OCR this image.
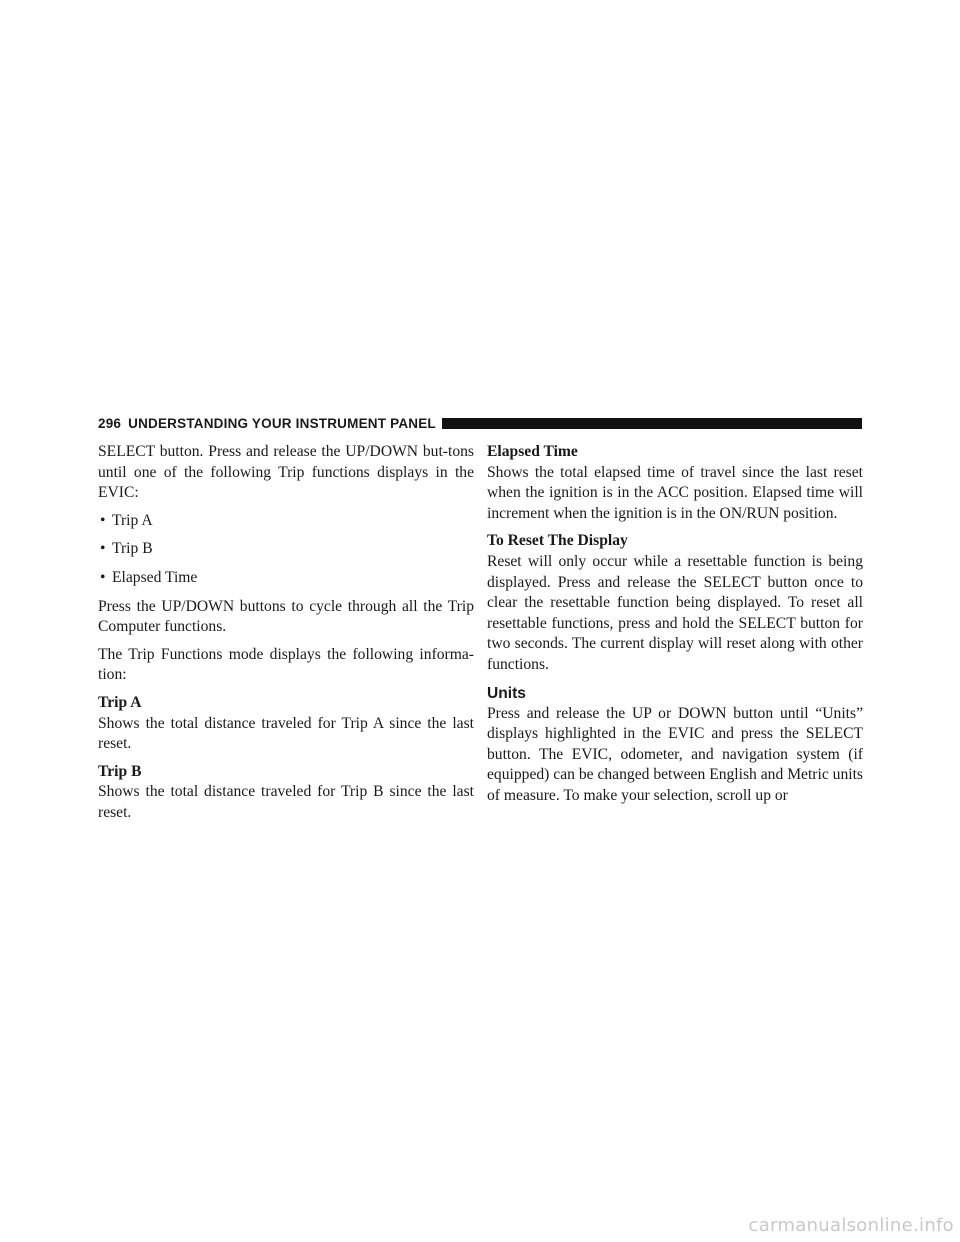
296 UNDERSTANDING YOUR INSTRUMENT PANEL

SELECT button. Press and release the UP/DOWN but-tons until one of the following Trip functions displays in the EVIC:

• Trip A
• Trip B
• Elapsed Time

Press the UP/DOWN buttons to cycle through all the Trip Computer functions.

The Trip Functions mode displays the following informa-tion:

Trip A

Shows the total distance traveled for Trip A since the last reset.

Trip B

Shows the total distance traveled for Trip B since the last reset.

Elapsed Time

Shows the total elapsed time of travel since the last reset when the ignition is in the ACC position. Elapsed time will increment when the ignition is in the ON/RUN position.

To Reset The Display

Reset will only occur while a resettable function is being displayed. Press and release the SELECT button once to clear the resettable function being displayed. To reset all resettable functions, press and hold the SELECT button for two seconds. The current display will reset along with other functions.

Units

Press and release the UP or DOWN button until “Units” displays highlighted in the EVIC and press the SELECT button. The EVIC, odometer, and navigation system (if equipped) can be changed between English and Metric units of measure. To make your selection, scroll up or

carmanualsonline.info
